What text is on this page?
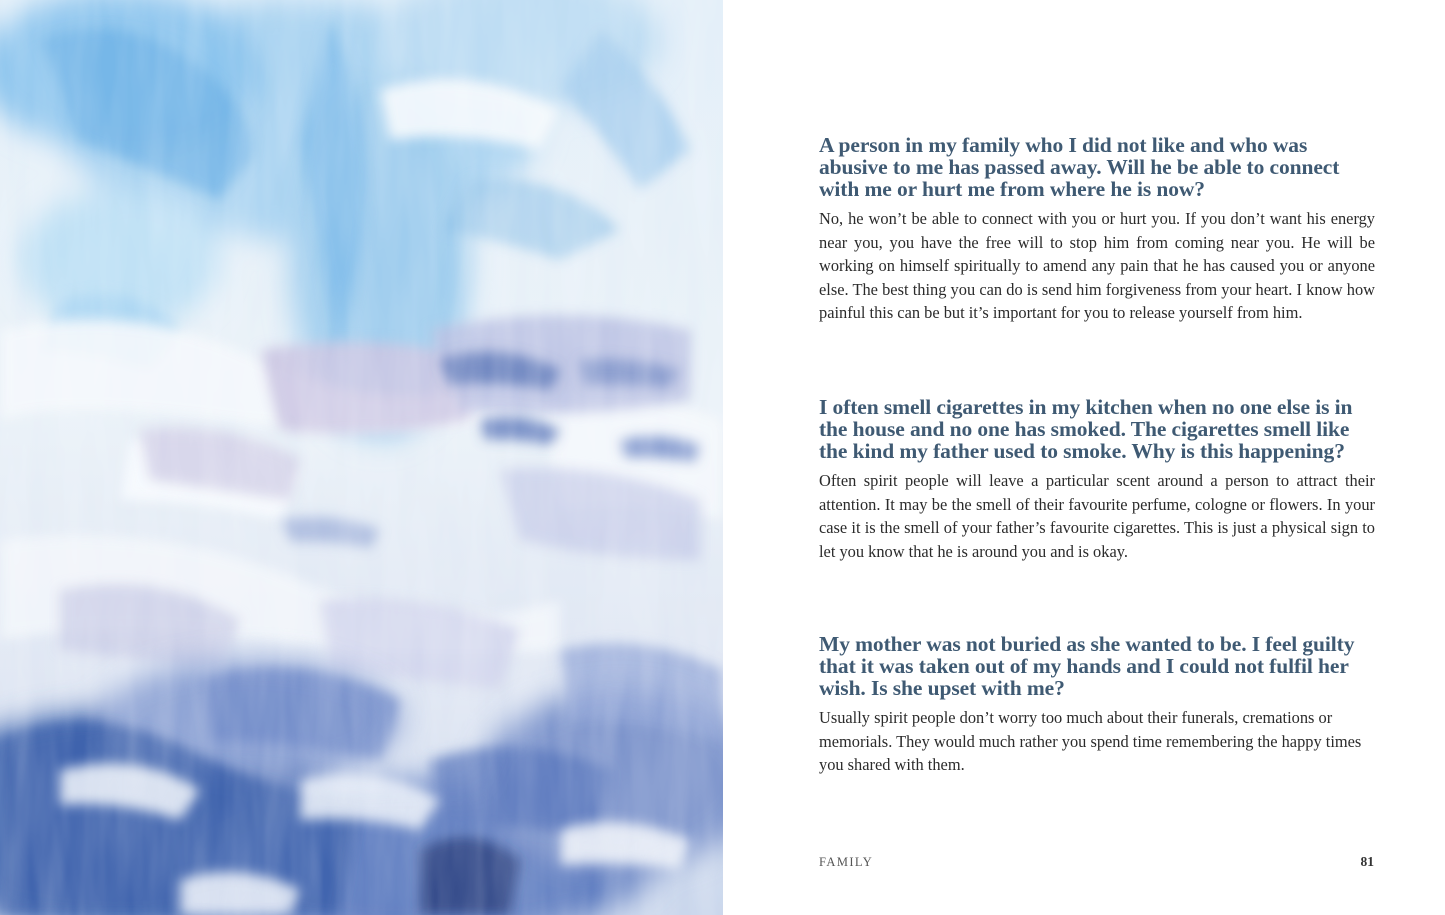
A person in my family who I did not like and who was abusive to me has passed away. Will he be able to connect with me or hurt me from where he is now?

No, he won’t be able to connect with you or hurt you. If you don’t want his energy near you, you have the free will to stop him from coming near you. He will be working on himself spiritually to amend any pain that he has caused you or anyone else. The best thing you can do is send him forgiveness from your heart. I know how painful this can be but it’s important for you to release yourself from him.

I often smell cigarettes in my kitchen when no one else is in the house and no one has smoked. The cigarettes smell like the kind my father used to smoke. Why is this happening?

Often spirit people will leave a particular scent around a person to attract their attention. It may be the smell of their favourite perfume, cologne or flowers. In your case it is the smell of your father’s favourite cigarettes. This is just a physical sign to let you know that he is around you and is okay.

My mother was not buried as she wanted to be. I feel guilty that it was taken out of my hands and I could not fulfil her wish. Is she upset with me?

Usually spirit people don’t worry too much about their funerals, cremations or memorials. They would much rather you spend time remembering the happy times you shared with them.

FAMILY	81
